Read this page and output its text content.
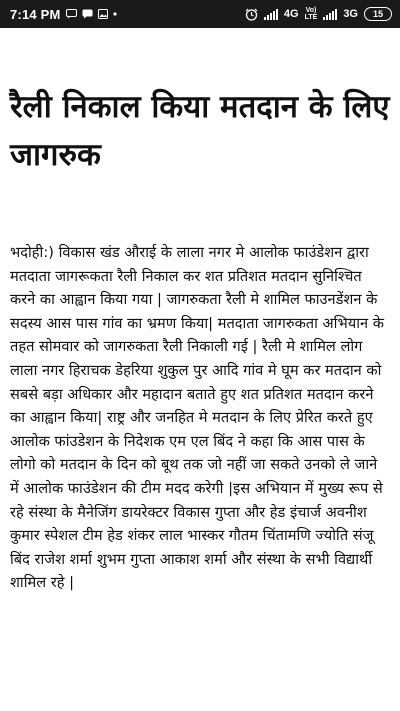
7:14 PM	4G Vo)
LTE 3G 15
रैली निकाल किया मतदान के लिए जागरुक

भदोही:) विकास खंड औराई के लाला नगर मे आलोक फाउंडेशन द्वारा मतदाता जागरूकता रैली निकाल कर शत प्रतिशत मतदान सुनिश्चित करने का आह्वान किया गया | जागरुकता रैली मे शामिल फाउनडेंशन के सदस्य आस पास गांव का भ्रमण किया| मतदाता जागरुकता अभियान के तहत सोमवार को जागरुकता रैली निकाली गई | रैली मे शामिल लोग लाला नगर हिराचक डेहरिया शुकुल पुर आदि गांव मे घूम कर मतदान को सबसे बड़ा अधिकार और महादान बताते हुए शत प्रतिशत मतदान करने का आह्वान किया| राष्ट्र और जनहित मे मतदान के लिए प्रेरित करते हुए आलोक फांउडेशन के निदेशक एम एल बिंद ने कहा कि आस पास के लोगो को मतदान के दिन को बूथ तक जो नहीं जा सकते उनको ले जाने में आलोक फाउंडेशन की टीम मदद करेगी |इस अभियान में मुख्य रूप से रहे संस्था के मैनेजिंग डायरेक्टर विकास गुप्ता और हेड इंचार्ज अवनीश कुमार स्पेशल टीम हेड शंकर लाल भास्कर गौतम चिंतामणि ज्योति संजू बिंद राजेश शर्मा शुभम गुप्ता आकाश शर्मा और संस्था के सभी विद्यार्थी शामिल रहे |
